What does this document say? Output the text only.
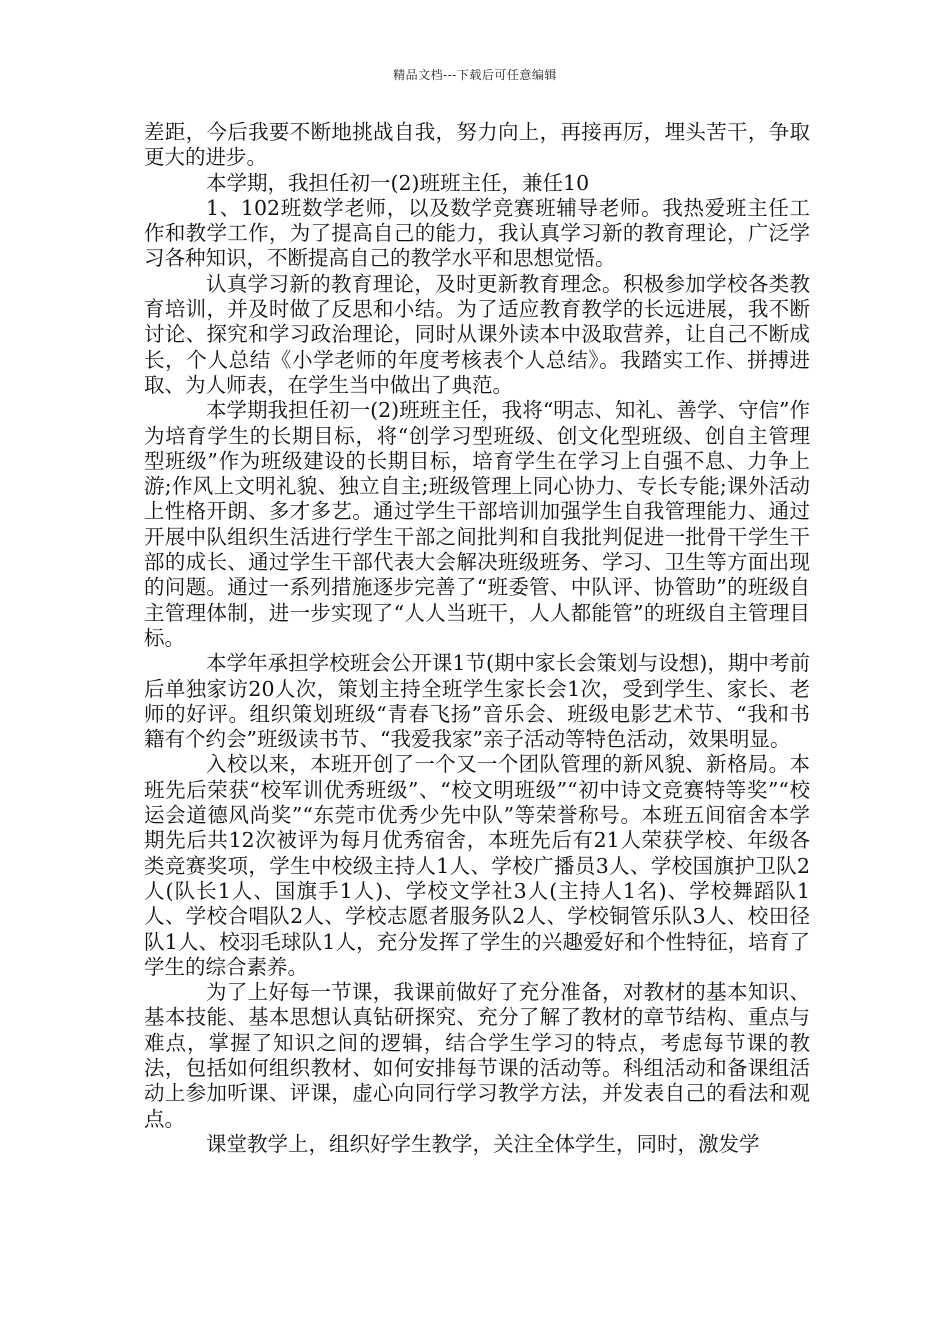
精品文档---下载后可任意编辑

差距，今后我要不断地挑战自我，努力向上，再接再厉，埋头苦干，争取更大的进步。

本学期，我担任初一(2)班班主任，兼任10

1、102班数学老师，以及数学竞赛班辅导老师。我热爱班主任工作和教学工作，为了提高自己的能力，我认真学习新的教育理论，广泛学习各种知识，不断提高自己的教学水平和思想觉悟。

认真学习新的教育理论，及时更新教育理念。积极参加学校各类教育培训，并及时做了反思和小结。为了适应教育教学的长远进展，我不断讨论、探究和学习政治理论，同时从课外读本中汲取营养，让自己不断成长，个人总结《小学老师的年度考核表个人总结》。我踏实工作、拼搏进取、为人师表，在学生当中做出了典范。

本学期我担任初一(2)班班主任，我将“明志、知礼、善学、守信”作为培育学生的长期目标，将“创学习型班级、创文化型班级、创自主管理型班级”作为班级建设的长期目标，培育学生在学习上自强不息、力争上游;作风上文明礼貌、独立自主;班级管理上同心协力、专长专能;课外活动上性格开朗、多才多艺。通过学生干部培训加强学生自我管理能力、通过开展中队组织生活进行学生干部之间批判和自我批判促进一批骨干学生干部的成长、通过学生干部代表大会解决班级班务、学习、卫生等方面出现的问题。通过一系列措施逐步完善了“班委管、中队评、协管助”的班级自主管理体制，进一步实现了“人人当班干，人人都能管”的班级自主管理目标。

本学年承担学校班会公开课1节(期中家长会策划与设想)，期中考前后单独家访20人次，策划主持全班学生家长会1次，受到学生、家长、老师的好评。组织策划班级“青春飞扬”音乐会、班级电影艺术节、“我和书籍有个约会”班级读书节、“我爱我家”亲子活动等特色活动，效果明显。

入校以来，本班开创了一个又一个团队管理的新风貌、新格局。本班先后荣获“校军训优秀班级”、“校文明班级”“初中诗文竞赛特等奖”“校运会道德风尚奖”“东莞市优秀少先中队”等荣誉称号。本班五间宿舍本学期先后共12次被评为每月优秀宿舍，本班先后有21人荣获学校、年级各类竞赛奖项，学生中校级主持人1人、学校广播员3人、学校国旗护卫队2人(队长1人、国旗手1人)、学校文学社3人(主持人1名)、学校舞蹈队1人、学校合唱队2人、学校志愿者服务队2人、学校铜管乐队3人、校田径队1人、校羽毛球队1人，充分发挥了学生的兴趣爱好和个性特征，培育了学生的综合素养。

为了上好每一节课，我课前做好了充分准备，对教材的基本知识、基本技能、基本思想认真钻研探究、充分了解了教材的章节结构、重点与难点，掌握了知识之间的逻辑，结合学生学习的特点，考虑每节课的教法，包括如何组织教材、如何安排每节课的活动等。科组活动和备课组活动上参加听课、评课，虚心向同行学习教学方法，并发表自己的看法和观点。

课堂教学上，组织好学生教学，关注全体学生，同时，激发学
